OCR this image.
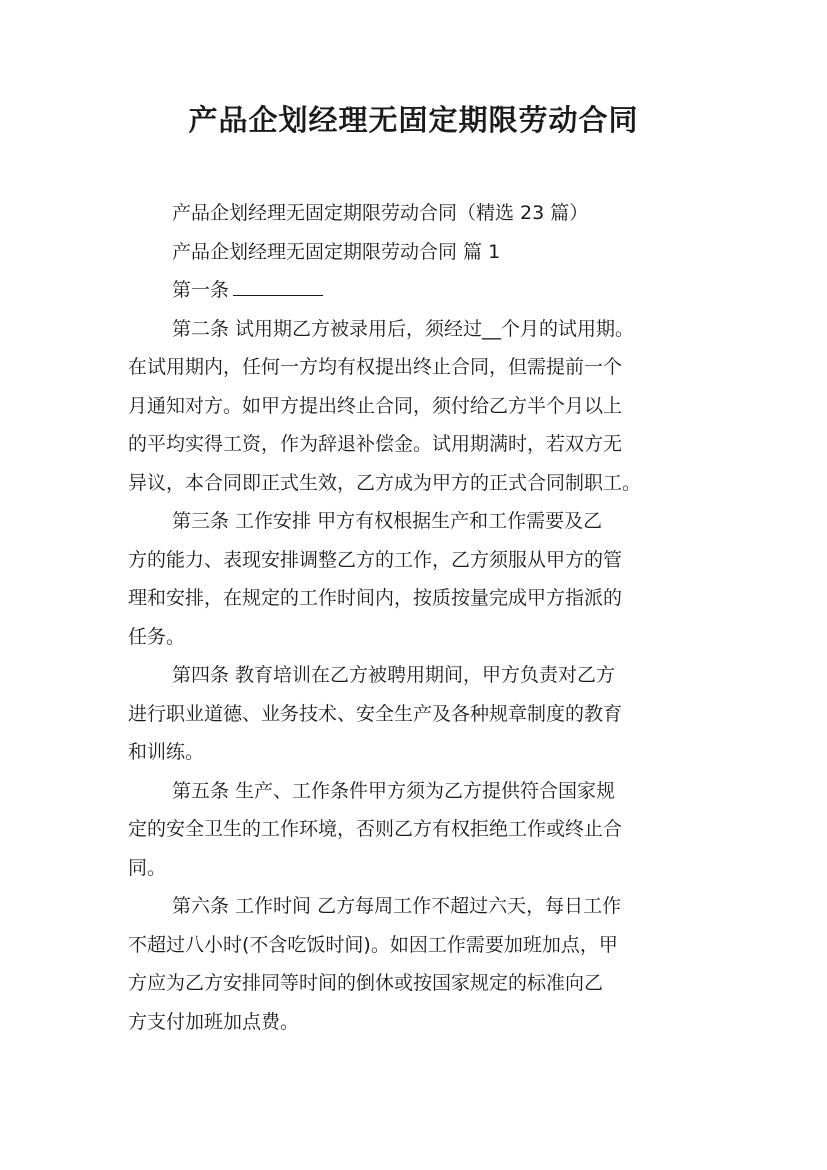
产品企划经理无固定期限劳动合同
产品企划经理无固定期限劳动合同（精选 23 篇）
产品企划经理无固定期限劳动合同 篇 1
第一条
第二条 试用期乙方被录用后，须经过__个月的试用期。
在试用期内，任何一方均有权提出终止合同，但需提前一个
月通知对方。如甲方提出终止合同，须付给乙方半个月以上
的平均实得工资，作为辞退补偿金。试用期满时，若双方无
异议，本合同即正式生效，乙方成为甲方的正式合同制职工。
第三条 工作安排 甲方有权根据生产和工作需要及乙
方的能力、表现安排调整乙方的工作，乙方须服从甲方的管
理和安排，在规定的工作时间内，按质按量完成甲方指派的
任务。
第四条 教育培训在乙方被聘用期间，甲方负责对乙方
进行职业道德、业务技术、安全生产及各种规章制度的教育
和训练。
第五条 生产、工作条件甲方须为乙方提供符合国家规
定的安全卫生的工作环境，否则乙方有权拒绝工作或终止合
同。
第六条 工作时间 乙方每周工作不超过六天，每日工作
不超过八小时(不含吃饭时间)。如因工作需要加班加点，甲
方应为乙方安排同等时间的倒休或按国家规定的标准向乙
方支付加班加点费。
